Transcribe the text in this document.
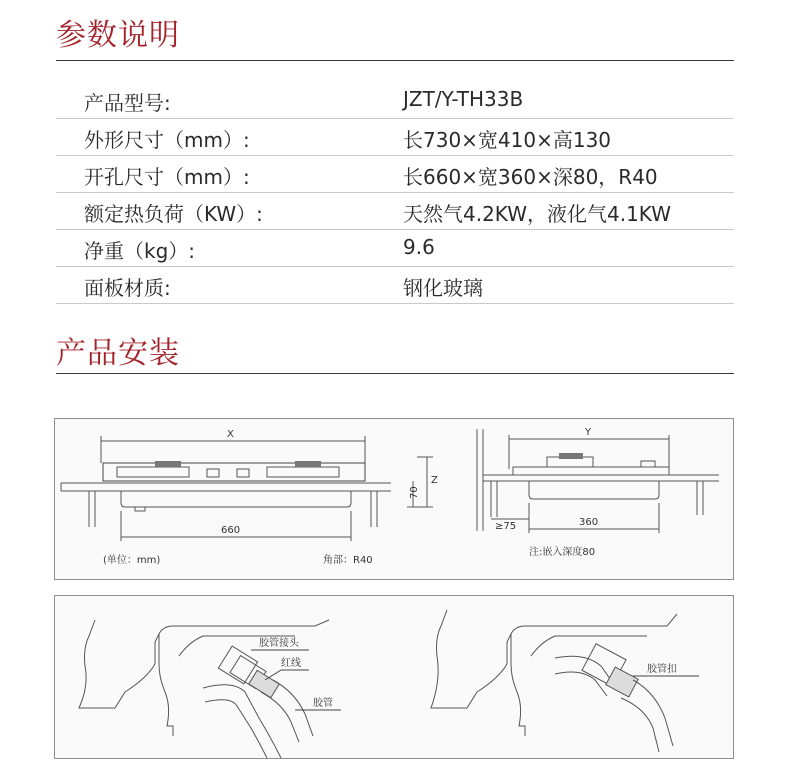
参数说明
产品型号:	JZT/Y-TH33B
外形尺寸（mm）:	长730×宽410×高130
开孔尺寸（mm）:	长660×宽360×深80，R40
额定热负荷（KW）:	天然气4.2KW，液化气4.1KW
净重（kg）:	9.6
面板材质:	钢化玻璃
产品安装
X
660
70
Z
(单位：mm)	角部：R40
Y
≥75	360
注:嵌入深度80
胶管接头
红线
胶管
胶管扣
